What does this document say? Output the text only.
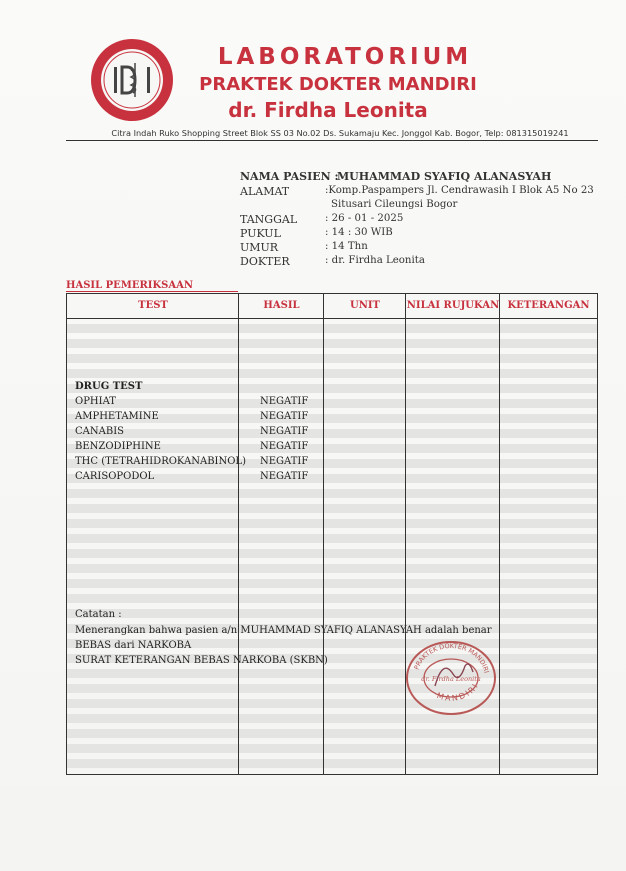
LABORATORIUM
PRAKTEK DOKTER MANDIRI
dr. Firdha Leonita
Citra Indah Ruko Shopping Street Blok SS 03 No.02 Ds. Sukamaju Kec. Jonggol Kab. Bogor, Telp: 081315019241
NAMA PASIEN :
MUHAMMAD SYAFIQ ALANASYAH
ALAMAT	:Komp.Paspampers Jl. Cendrawasih I Blok A5 No 23
Situsari Cileungsi Bogor
TANGGAL	: 26 - 01 - 2025
PUKUL	: 14 : 30 WIB
UMUR	: 14 Thn
DOKTER	: dr. Firdha Leonita
HASIL PEMERIKSAAN
TEST	HASIL	UNIT	NILAI RUJUKAN KETERANGAN
DRUG TEST
OPHIAT	NEGATIF
AMPHETAMINE	NEGATIF
CANABIS	NEGATIF
BENZODIPHINE	NEGATIF
THC (TETRAHIDROKANABINOL) NEGATIF
CARISOPODOL	NEGATIF
Catatan :
Menerangkan bahwa pasien a/n MUHAMMAD SYAFIQ ALANASYAH adalah benar
BEBAS dari NARKOBA
SURAT KETERANGAN BEBAS NARKOBA (SKBN)
PRAKTEK DOKTER MANDIRI
MANDIRI
dr. Firdha Leonita
